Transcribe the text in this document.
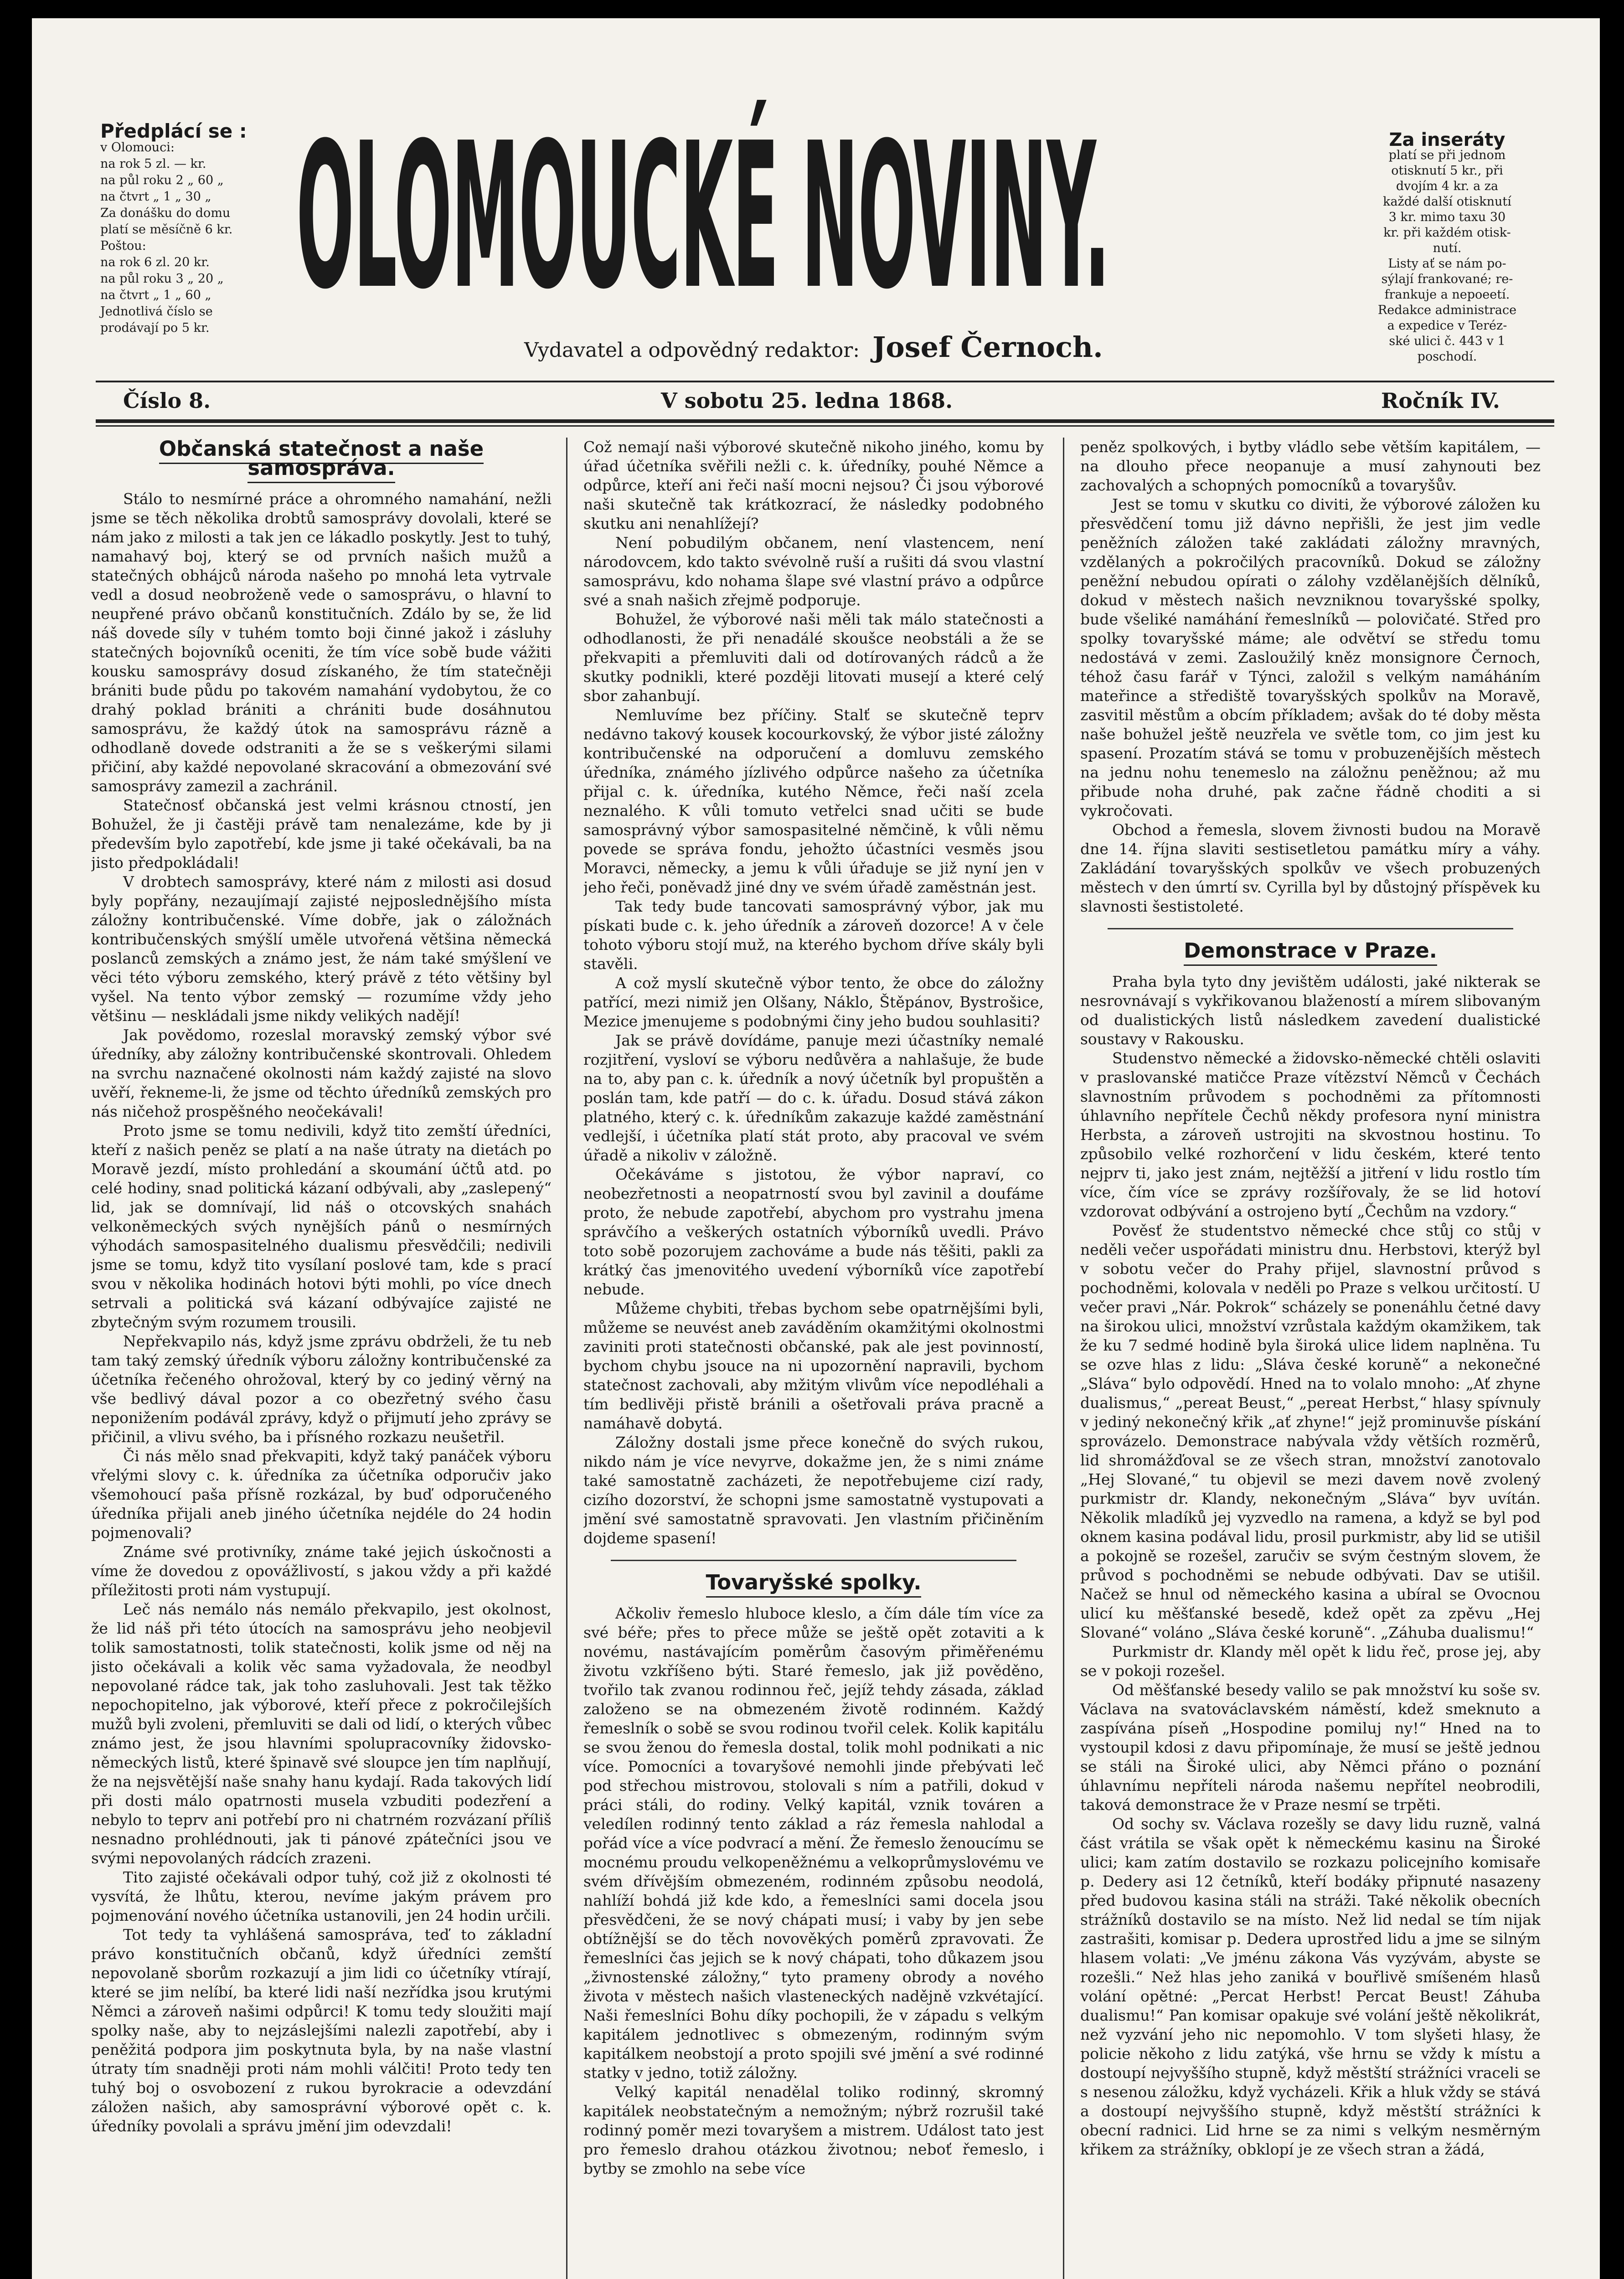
Předplácí se :
v Olomouci:
na rok 5 zl. — kr.
na půl roku 2 „ 60 „
na čtvrt „ 1 „ 30 „
Za donášku do domu
platí se měsíčně 6 kr.
Poštou:
na rok 6 zl. 20 kr.
na půl roku 3 „ 20 „
na čtvrt „ 1 „ 60 „
Jednotlivá číslo se
prodávají po 5 kr. OLOMOUCKÉ NOVINY.
Vydavatel a odpovědný redaktor: Josef Černoch.
Za inseráty
platí se při jednom
otisknutí 5 kr., při
dvojím 4 kr. a za
každé další otisknutí
3 kr. mimo taxu 30
kr. při každém otisk-
nutí.
Listy ať se nám po-
sýlají frankované; re-
frankuje a nepoeetí.
Redakce administrace
a expedice v Teréz-
ské ulici č. 443 v 1
poschodí.
Číslo 8.	V sobotu 25. ledna 1868.	Ročník IV.
Občanská statečnost a naše samospráva.

Stálo to nesmírné práce a ohromného namahání, nežli jsme se těch několika drobtů samosprávy dovolali, které se nám jako z milosti a tak jen ce lákadlo poskytly. Jest to tuhý, namahavý boj, který se od prvních našich mužů a statečných obhájců národa našeho po mnohá leta vytrvale vedl a dosud neobroženě vede o samosprávu, o hlavní to neupřené právo občanů konstitučních. Zdálo by se, že lid náš dovede síly v tuhém tomto boji činné jakož i zásluhy statečných bojovníků oceniti, že tím více sobě bude vážiti kousku samosprávy dosud získaného, že tím statečněji brániti bude půdu po takovém namahání vydobytou, že co drahý poklad brániti a chrániti bude dosáhnutou samosprávu, že každý útok na samosprávu rázně a odhodlaně dovede odstraniti a že se s veškerými silami přičiní, aby každé nepovolané skracování a obmezování své samosprávy zamezil a zachránil.

Statečnosť občanská jest velmi krásnou ctností, jen Bohužel, že ji častěji právě tam nenalezáme, kde by ji především bylo zapotřebí, kde jsme ji také očekávali, ba na jisto předpokládali!

V drobtech samosprávy, které nám z milosti asi dosud byly popřány, nezaujímají zajisté nejposlednějšího místa záložny kontribučenské. Víme dobře, jak o záložnách kontribučenských smýšlí uměle utvořená většina německá poslanců zemských a známo jest, že nám také smýšlení ve věci této výboru zemského, který právě z této většiny byl vyšel. Na tento výbor zemský — rozumíme vždy jeho většinu — neskládali jsme nikdy velikých nadějí!

Jak povědomo, rozeslal moravský zemský výbor své úředníky, aby záložny kontribučenské skontrovali. Ohledem na svrchu naznačené okolnosti nám každý zajisté na slovo uvěří, řekneme-li, že jsme od těchto úředníků zemských pro nás ničehož prospěšného neočekávali!

Proto jsme se tomu nedivili, když tito zemští úředníci, kteří z našich peněz se platí a na naše útraty na dietách po Moravě jezdí, místo prohledání a skoumání účtů atd. po celé hodiny, snad politická kázaní odbývali, aby „zaslepený“ lid, jak se domnívají, lid náš o otcovských snahách velkoněmeckých svých nynějších pánů o nesmírných výhodách samospasitelného dualismu přesvědčili; nedivili jsme se tomu, když tito vysílaní poslové tam, kde s prací svou v několika hodinách hotovi býti mohli, po více dnech setrvali a politická svá kázaní odbývajíce zajisté ne zbytečným svým rozumem trousili.

Nepřekvapilo nás, když jsme zprávu obdrželi, že tu neb tam taký zemský úředník výboru záložny kontribučenské za účetníka řečeného ohrožoval, který by co jediný věrný na vše bedlivý dával pozor a co obezřetný svého času neponižením podávál zprávy, když o přijmutí jeho zprávy se přičinil, a vlivu svého, ba i přísného rozkazu neušetřil.

Či nás mělo snad překvapiti, když taký panáček výboru vřelými slovy c. k. úředníka za účetníka odporučiv jako všemohoucí paša přísně rozkázal, by buď odporučeného úředníka přijali aneb jiného účetníka nejdéle do 24 hodin pojmenovali?

Známe své protivníky, známe také jejich úskočnosti a víme že dovedou z opovážlivostí, s jakou vždy a při každé příležitosti proti nám vystupují.

Leč nás nemálo nás nemálo překvapilo, jest okolnost, že lid náš při této útocích na samosprávu jeho neobjevil tolik samostatnosti, tolik statečnosti, kolik jsme od něj na jisto očekávali a kolik věc sama vyžadovala, že neodbyl nepovolané rádce tak, jak toho zasluhovali. Jest tak těžko nepochopitelno, jak výborové, kteří přece z pokročilejších mužů byli zvoleni, přemluviti se dali od lidí, o kterých vůbec známo jest, že jsou hlavními spolupracovníky židovsko-německých listů, které špinavě své sloupce jen tím naplňují, že na nejsvětější naše snahy hanu kydají. Rada takových lidí při dosti málo opatrnosti musela vzbuditi podezření a nebylo to teprv ani potřebí pro ni chatrném rozvázaní příliš nesnadno prohlédnouti, jak ti pánové zpátečníci jsou ve svými nepovolaných rádcích zrazeni.

Tito zajisté očekávali odpor tuhý, což již z okolnosti té vysvítá, že lhůtu, kterou, nevíme jakým právem pro pojmenování nového účetníka ustanovili, jen 24 hodin určili.

Tot tedy ta vyhlášená samospráva, teď to základní právo konstitučních občanů, když úředníci zemští nepovolaně sborům rozkazují a jim lidi co účetníky vtírají, které se jim nelíbí, ba které lidi naší nezřídka jsou krutými Němci a zároveň našimi odpůrci! K tomu tedy sloužiti mají spolky naše, aby to nejzáslejšími nalezli zapotřebí, aby i peněžitá podpora jim poskytnuta byla, by na naše vlastní útraty tím snadněji proti nám mohli válčiti! Proto tedy ten tuhý boj o osvobození z rukou byrokracie a odevzdání záložen našich, aby samosprávní výborové opět c. k. úředníky povolali a správu jmění jim odevzdali!

Což nemají naši výborové skutečně nikoho jiného, komu by úřad účetníka svěřili nežli c. k. úředníky, pouhé Němce a odpůrce, kteří ani řeči naší mocni nejsou? Či jsou výborové naši skutečně tak krátkozrací, že následky podobného skutku ani nenahlížejí?

Není pobudilým občanem, není vlastencem, není národovcem, kdo takto svévolně ruší a rušiti dá svou vlastní samosprávu, kdo nohama šlape své vlastní právo a odpůrce své a snah našich zřejmě podporuje.

Bohužel, že výborové naši měli tak málo statečnosti a odhodlanosti, že při nenadálé skoušce neobstáli a že se překvapiti a přemluviti dali od dotírovaných rádců a že skutky podnikli, které později litovati musejí a které celý sbor zahanbují.

Nemluvíme bez příčiny. Stalť se skutečně teprv nedávno takový kousek kocourkovský, že výbor jisté záložny kontribučenské na odporučení a domluvu zemského úředníka, známého jízlivého odpůrce našeho za účetníka přijal c. k. úředníka, kutého Němce, řeči naší zcela neznalého. K vůli tomuto vetřelci snad učiti se bude samosprávný výbor samospasitelné němčině, k vůli němu povede se správa fondu, jehožto účastníci vesměs jsou Moravci, německy, a jemu k vůli úřaduje se již nyní jen v jeho řeči, poněvadž jiné dny ve svém úřadě zaměstnán jest.

Tak tedy bude tancovati samosprávný výbor, jak mu pískati bude c. k. jeho úředník a zároveň dozorce! A v čele tohoto výboru stojí muž, na kterého bychom dříve skály byli stavěli.

A což myslí skutečně výbor tento, že obce do záložny patřící, mezi nimiž jen Olšany, Náklo, Štěpánov, Bystrošice, Mezice jmenujeme s podobnými činy jeho budou souhlasiti?

Jak se právě dovídáme, panuje mezi účastníky nemalé rozjitření, vysloví se výboru nedůvěra a nahlašuje, že bude na to, aby pan c. k. úředník a nový účetník byl propuštěn a poslán tam, kde patří — do c. k. úřadu. Dosud stává zákon platného, který c. k. úředníkům zakazuje každé zaměstnání vedlejší, i účetníka platí stát proto, aby pracoval ve svém úřadě a nikoliv v záložně.

Očekáváme s jistotou, že výbor napraví, co neobezřetnosti a neopatrností svou byl zavinil a doufáme proto, že nebude zapotřebí, abychom pro vystrahu jmena správčího a veškerých ostatních výborníků uvedli. Právo toto sobě pozorujem zachováme a bude nás těšiti, pakli za krátký čas jmenovitého uvedení výborníků více zapotřebí nebude.

Můžeme chybiti, třebas bychom sebe opatrnějšími byli, můžeme se neuvést aneb zaváděním okamžitými okolnostmi zaviniti proti statečnosti občanské, pak ale jest povinností, bychom chybu jsouce na ni upozornění napravili, bychom statečnost zachovali, aby mžitým vlivům více nepodléhali a tím bedlivěji přistě bránili a ošetřovali práva pracně a namáhavě dobytá.

Záložny dostali jsme přece konečně do svých rukou, nikdo nám je více nevyrve, dokažme jen, že s nimi známe také samostatně zacházeti, že nepotřebujeme cizí rady, cizího dozorství, že schopni jsme samostatně vystupovati a jmění své samostatně spravovati. Jen vlastním přičiněním dojdeme spasení!

Tovaryšské spolky.

Ačkoliv řemeslo hluboce kleslo, a čím dále tím více za své béře; přes to přece může se ještě opět zotaviti a k novému, nastávajícím poměrům časovým přiměřenému životu vzkříšeno býti. Staré řemeslo, jak již pověděno, tvořilo tak zvanou rodinnou řeč, jejíž tehdy zásada, základ založeno se na obmezeném životě rodinném. Každý řemeslník o sobě se svou rodinou tvořil celek. Kolik kapitálu se svou ženou do řemesla dostal, tolik mohl podnikati a nic více. Pomocníci a tovaryšové nemohli jinde přebývati leč pod střechou mistrovou, stolovali s ním a patřili, dokud v práci stáli, do rodiny. Velký kapitál, vznik továren a veledílen rodinný tento základ a ráz řemesla nahlodal a pořád více a více podvrací a mění. Že řemeslo ženoucímu se mocnému proudu velkopeněžnému a velkoprůmyslovému ve svém dřívějším obmezeném, rodinném způsobu neodolá, nahlíží bohdá již kde kdo, a řemeslníci sami docela jsou přesvědčeni, že se nový chápati musí; i vaby by jen sebe obtížnější se do těch novověkých poměrů zpravovati. Že řemeslníci čas jejich se k nový chápati, toho důkazem jsou „živnostenské záložny,“ tyto prameny obrody a nového života v městech našich vlasteneckých nadějně vzkvétající. Naši řemeslníci Bohu díky pochopili, že v západu s velkým kapitálem jednotlivec s obmezeným, rodinným svým kapitálkem neobstojí a proto spojili své jmění a své rodinné statky v jedno, totiž záložny.

Velký kapitál nenadělal toliko rodinný, skromný kapitálek neobstatečným a nemožným; nýbrž rozrušil také rodinný poměr mezi tovaryšem a mistrem. Událost tato jest pro řemeslo drahou otázkou životnou; neboť řemeslo, i bytby se zmohlo na sebe více

peněz spolkových, i bytby vládlo sebe větším kapitálem, — na dlouho přece neopanuje a musí zahynouti bez zachovalých a schopných pomocníků a tovaryšův.

Jest se tomu v skutku co diviti, že výborové záložen ku přesvědčení tomu již dávno nepřišli, že jest jim vedle peněžních záložen také zakládati záložny mravných, vzdělaných a pokročilých pracovníků. Dokud se záložny peněžní nebudou opírati o zálohy vzdělanějších dělníků, dokud v městech našich nevzniknou tovaryšské spolky, bude všeliké namáhání řemeslníků — polovičaté. Střed pro spolky tovaryšské máme; ale odvětví se středu tomu nedostává v zemi. Zasloužilý kněz monsignore Černoch, téhož času farář v Týnci, založil s velkým namáháním mateřince a střediště tovaryšských spolkův na Moravě, zasvitil městům a obcím příkladem; avšak do té doby města naše bohužel ještě neuzřela ve světle tom, co jim jest ku spasení. Prozatím stává se tomu v probuzenějších městech na jednu nohu tenemeslo na záložnu peněžnou; až mu přibude noha druhé, pak začne řádně choditi a si vykročovati.

Obchod a řemesla, slovem živnosti budou na Moravě dne 14. října slaviti sestisetletou památku míry a váhy. Zakládání tovaryšských spolkův ve všech probuzených městech v den úmrtí sv. Cyrilla byl by důstojný příspěvek ku slavnosti šestistoleté.

Demonstrace v Praze.

Praha byla tyto dny jevištěm události, jaké nikterak se nesrovnávají s vykřikovanou blažeností a mírem slibovaným od dualistických listů následkem zavedení dualistické soustavy v Rakousku.

Studenstvo německé a židovsko-německé chtěli oslaviti v praslovanské matičce Praze vítězství Němců v Čechách slavnostním průvodem s pochodněmi za přítomnosti úhlavního nepřítele Čechů někdy profesora nyní ministra Herbsta, a zároveň ustrojiti na skvostnou hostinu. To způsobilo velké rozhorčení v lidu českém, které tento nejprv ti, jako jest znám, nejtěžší a jitření v lidu rostlo tím více, čím více se zprávy rozšířovaly, že se lid hotoví vzdorovat odbývání a ostrojeno bytí „Čechům na vzdory.“

Pověsť že studentstvo německé chce stůj co stůj v neděli večer uspořádati ministru dnu. Herbstovi, kterýž byl v sobotu večer do Prahy přijel, slavnostní průvod s pochodněmi, kolovala v neděli po Praze s velkou určitostí. U večer pravi „Nár. Pokrok“ scházely se ponenáhlu četné davy na širokou ulici, množství vzrůstala každým okamžikem, tak že ku 7 sedmé hodině byla široká ulice lidem naplněna. Tu se ozve hlas z lidu: „Sláva české koruně“ a nekonečné „Sláva“ bylo odpovědí. Hned na to volalo mnoho: „Ať zhyne dualismus,“ „pereat Beust,“ „pereat Herbst,“ hlasy spívnuly v jediný nekonečný křik „ať zhyne!“ jejž prominuvše pískání sprovázelo. Demonstrace nabývala vždy větších rozměrů, lid shromážďoval se ze všech stran, množství zanotovalo „Hej Slované,“ tu objevil se mezi davem nově zvolený purkmistr dr. Klandy, nekonečným „Sláva“ byv uvítán. Několik mladíků jej vyzvedlo na ramena, a když se byl pod oknem kasina podával lidu, prosil purkmistr, aby lid se utišil a pokojně se rozešel, zaručiv se svým čestným slovem, že průvod s pochodněmi se nebude odbývati. Dav se utišil. Načež se hnul od německého kasina a ubíral se Ovocnou ulicí ku měšťanské besedě, kdež opět za zpěvu „Hej Slované“ voláno „Sláva české koruně“. „Záhuba dualismu!“

Purkmistr dr. Klandy měl opět k lidu řeč, prose jej, aby se v pokoji rozešel.

Od měšťanské besedy valilo se pak množství ku soše sv. Václava na svatováclavském náměstí, kdež smeknuto a zaspívána píseň „Hospodine pomiluj ny!“ Hned na to vystoupil kdosi z davu připomínaje, že musí se ještě jednou se stáli na Široké ulici, aby Němci přáno o poznání úhlavnímu nepříteli národa našemu nepřítel neobrodili, taková demonstrace že v Praze nesmí se trpěti.

Od sochy sv. Václava rozešly se davy lidu ruzně, valná část vrátila se však opět k německému kasinu na Široké ulici; kam zatím dostavilo se rozkazu policejního komisaře p. Dedery asi 12 četníků, kteří bodáky připnuté nasazeny před budovou kasina stáli na stráži. Také několik obecních strážníků dostavilo se na místo. Než lid nedal se tím nijak zastrašiti, komisar p. Dedera uprostřed lidu a jme se silným hlasem volati: „Ve jménu zákona Vás vyzývám, abyste se rozešli.“ Než hlas jeho zaniká v bouřlivě smíšeném hlasů volání opětné: „Percat Herbst! Percat Beust! Záhuba dualismu!“ Pan komisar opakuje své volání ještě několikrát, než vyzvání jeho nic nepomohlo. V tom slyšeti hlasy, že policie někoho z lidu zatýká, vše hrnu se vždy k místu a dostoupí nejvyššího stupně, když městští strážníci vraceli se s nesenou záložku, když vycházeli. Křik a hluk vždy se stává a dostoupí nejvyššího stupně, když městští strážníci k obecní radnici. Lid hrne se za nimi s velkým nesměrným křikem za strážníky, obklopí je ze všech stran a žádá,
